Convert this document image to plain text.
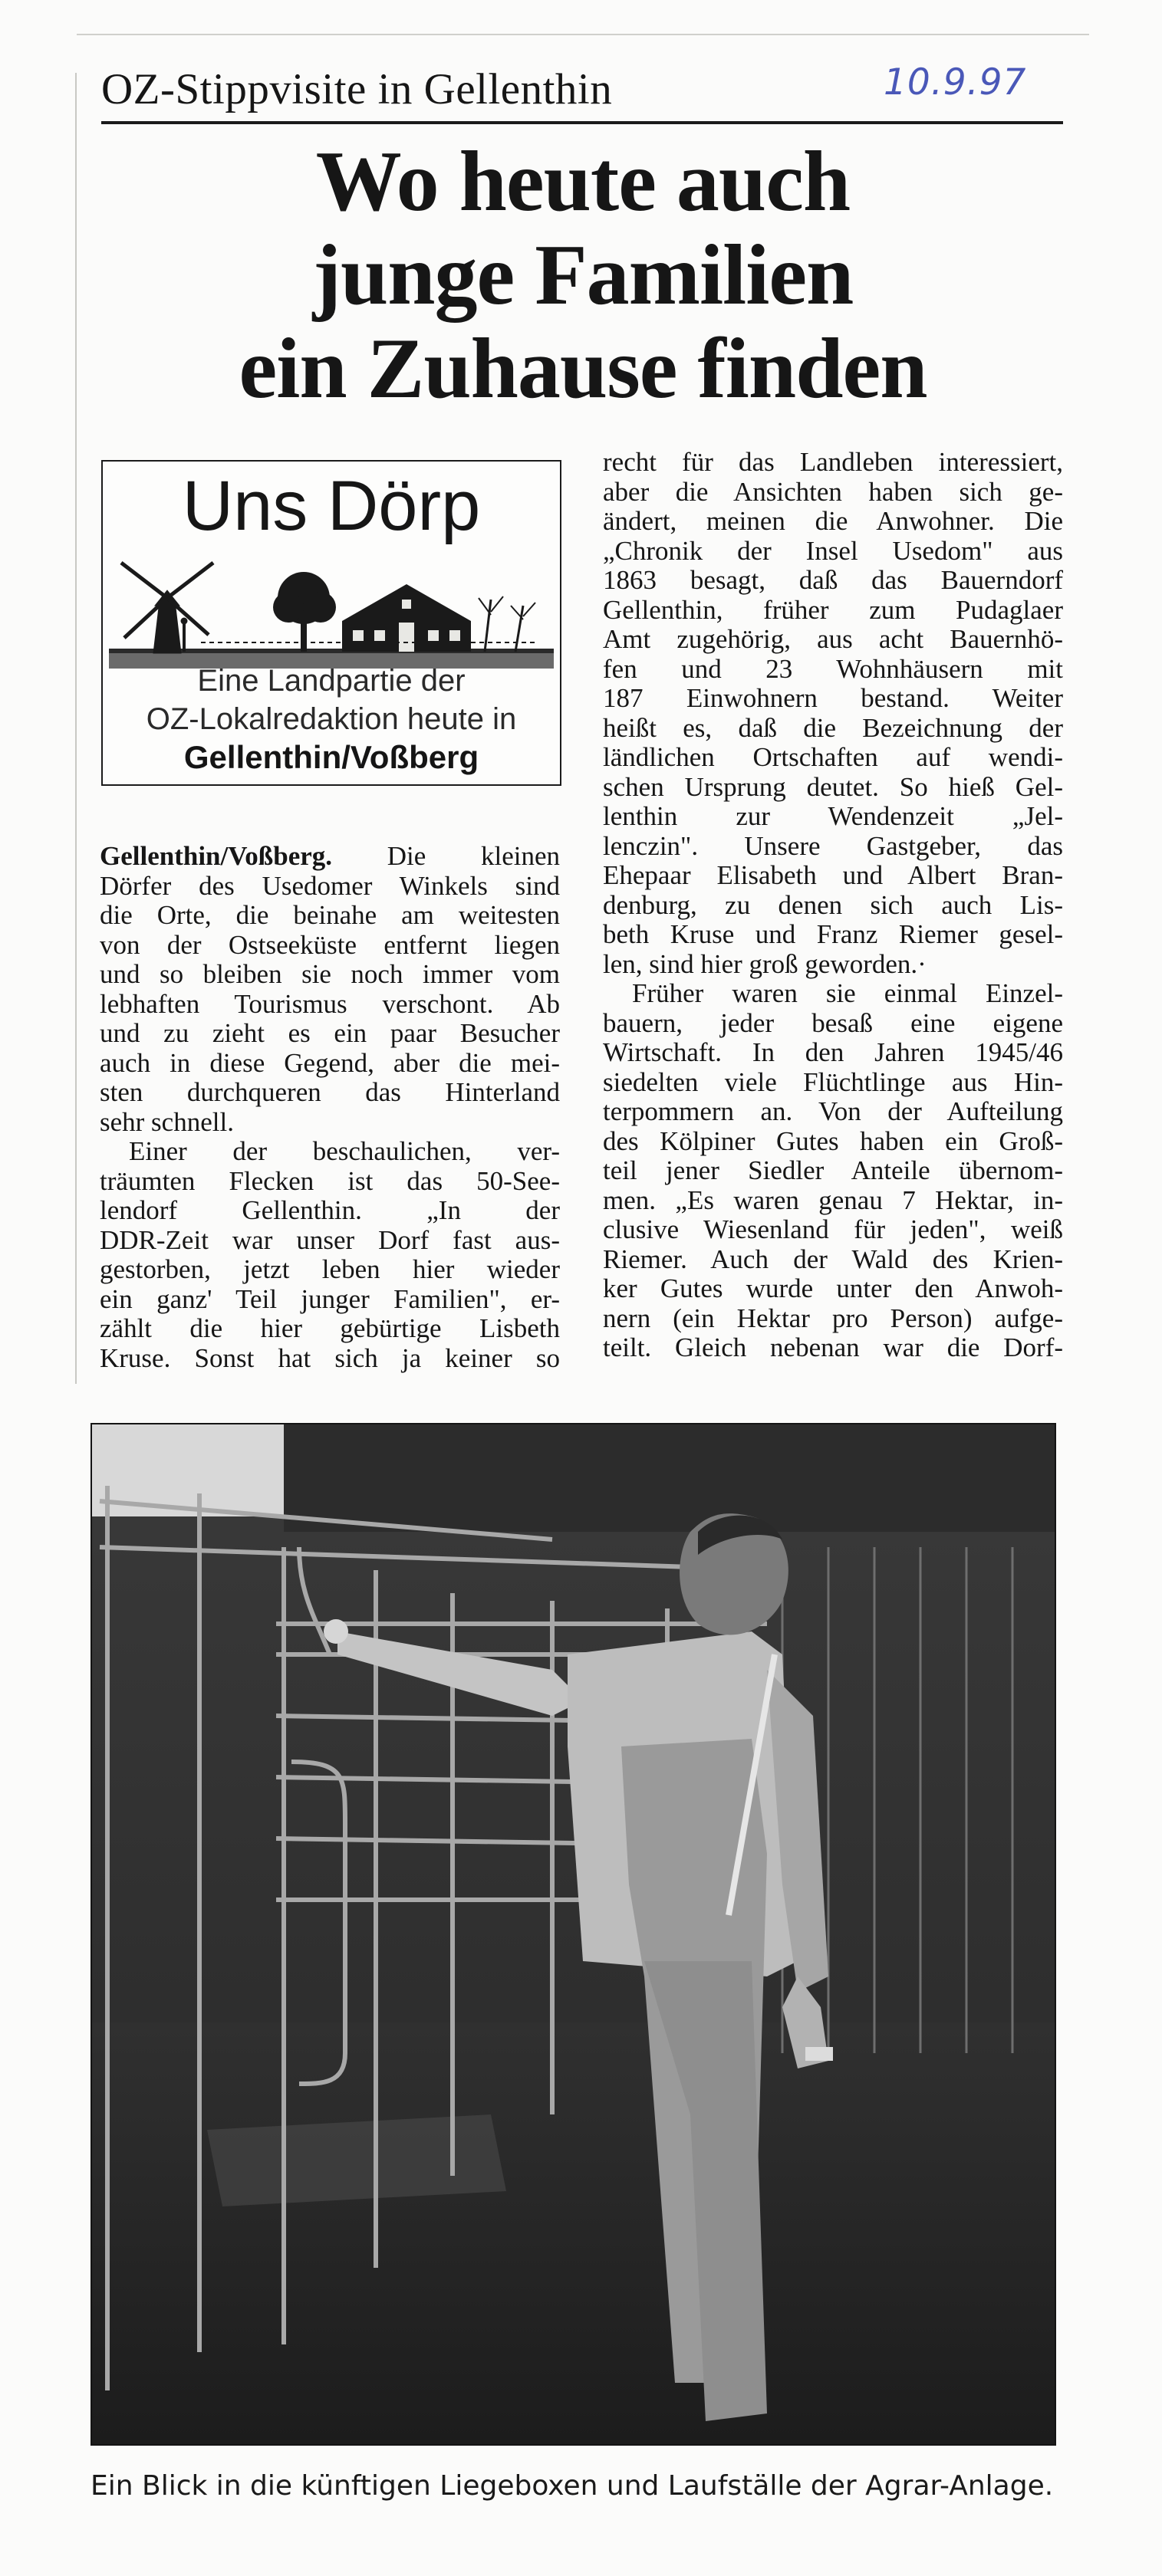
OZ-Stippvisite in Gellenthin	10.9.97
Wo heute auch
junge Familien
ein Zuhause finden
Uns Dörp
Eine Landpartie der
OZ-Lokalredaktion heute in
Gellenthin/Voßberg

Gellenthin/Voßberg. Die kleinen
Dörfer des Usedomer Winkels sind
die Orte, die beinahe am weitesten
von der Ostseeküste entfernt liegen
und so bleiben sie noch immer vom
lebhaften Tourismus verschont. Ab
und zu zieht es ein paar Besucher
auch in diese Gegend, aber die mei-
sten durchqueren das Hinterland
sehr schnell.

Einer der beschaulichen, ver-
träumten Flecken ist das 50-See-
lendorf Gellenthin. „In der
DDR-Zeit war unser Dorf fast aus-
gestorben, jetzt leben hier wieder
ein ganz' Teil junger Familien", er-
zählt die hier gebürtige Lisbeth
Kruse. Sonst hat sich ja keiner so

recht für das Landleben interessiert,
aber die Ansichten haben sich ge-
ändert, meinen die Anwohner. Die
„Chronik der Insel Usedom" aus
1863 besagt, daß das Bauerndorf
Gellenthin, früher zum Pudaglaer
Amt zugehörig, aus acht Bauernhö-
fen und 23 Wohnhäusern mit
187 Einwohnern bestand. Weiter
heißt es, daß die Bezeichnung der
ländlichen Ortschaften auf wendi-
schen Ursprung deutet. So hieß Gel-
lenthin zur Wendenzeit „Jel-
lenczin". Unsere Gastgeber, das
Ehepaar Elisabeth und Albert Bran-
denburg, zu denen sich auch Lis-
beth Kruse und Franz Riemer gesel-
len, sind hier groß geworden.·

Früher waren sie einmal Einzel-
bauern, jeder besaß eine eigene
Wirtschaft. In den Jahren 1945/46
siedelten viele Flüchtlinge aus Hin-
terpommern an. Von der Aufteilung
des Kölpiner Gutes haben ein Groß-
teil jener Siedler Anteile übernom-
men. „Es waren genau 7 Hektar, in-
clusive Wiesenland für jeden", weiß
Riemer. Auch der Wald des Krien-
ker Gutes wurde unter den Anwoh-
nern (ein Hektar pro Person) aufge-
teilt. Gleich nebenan war die Dorf-

Ein Blick in die künftigen Liegeboxen und Laufställe der Agrar-Anlage.
